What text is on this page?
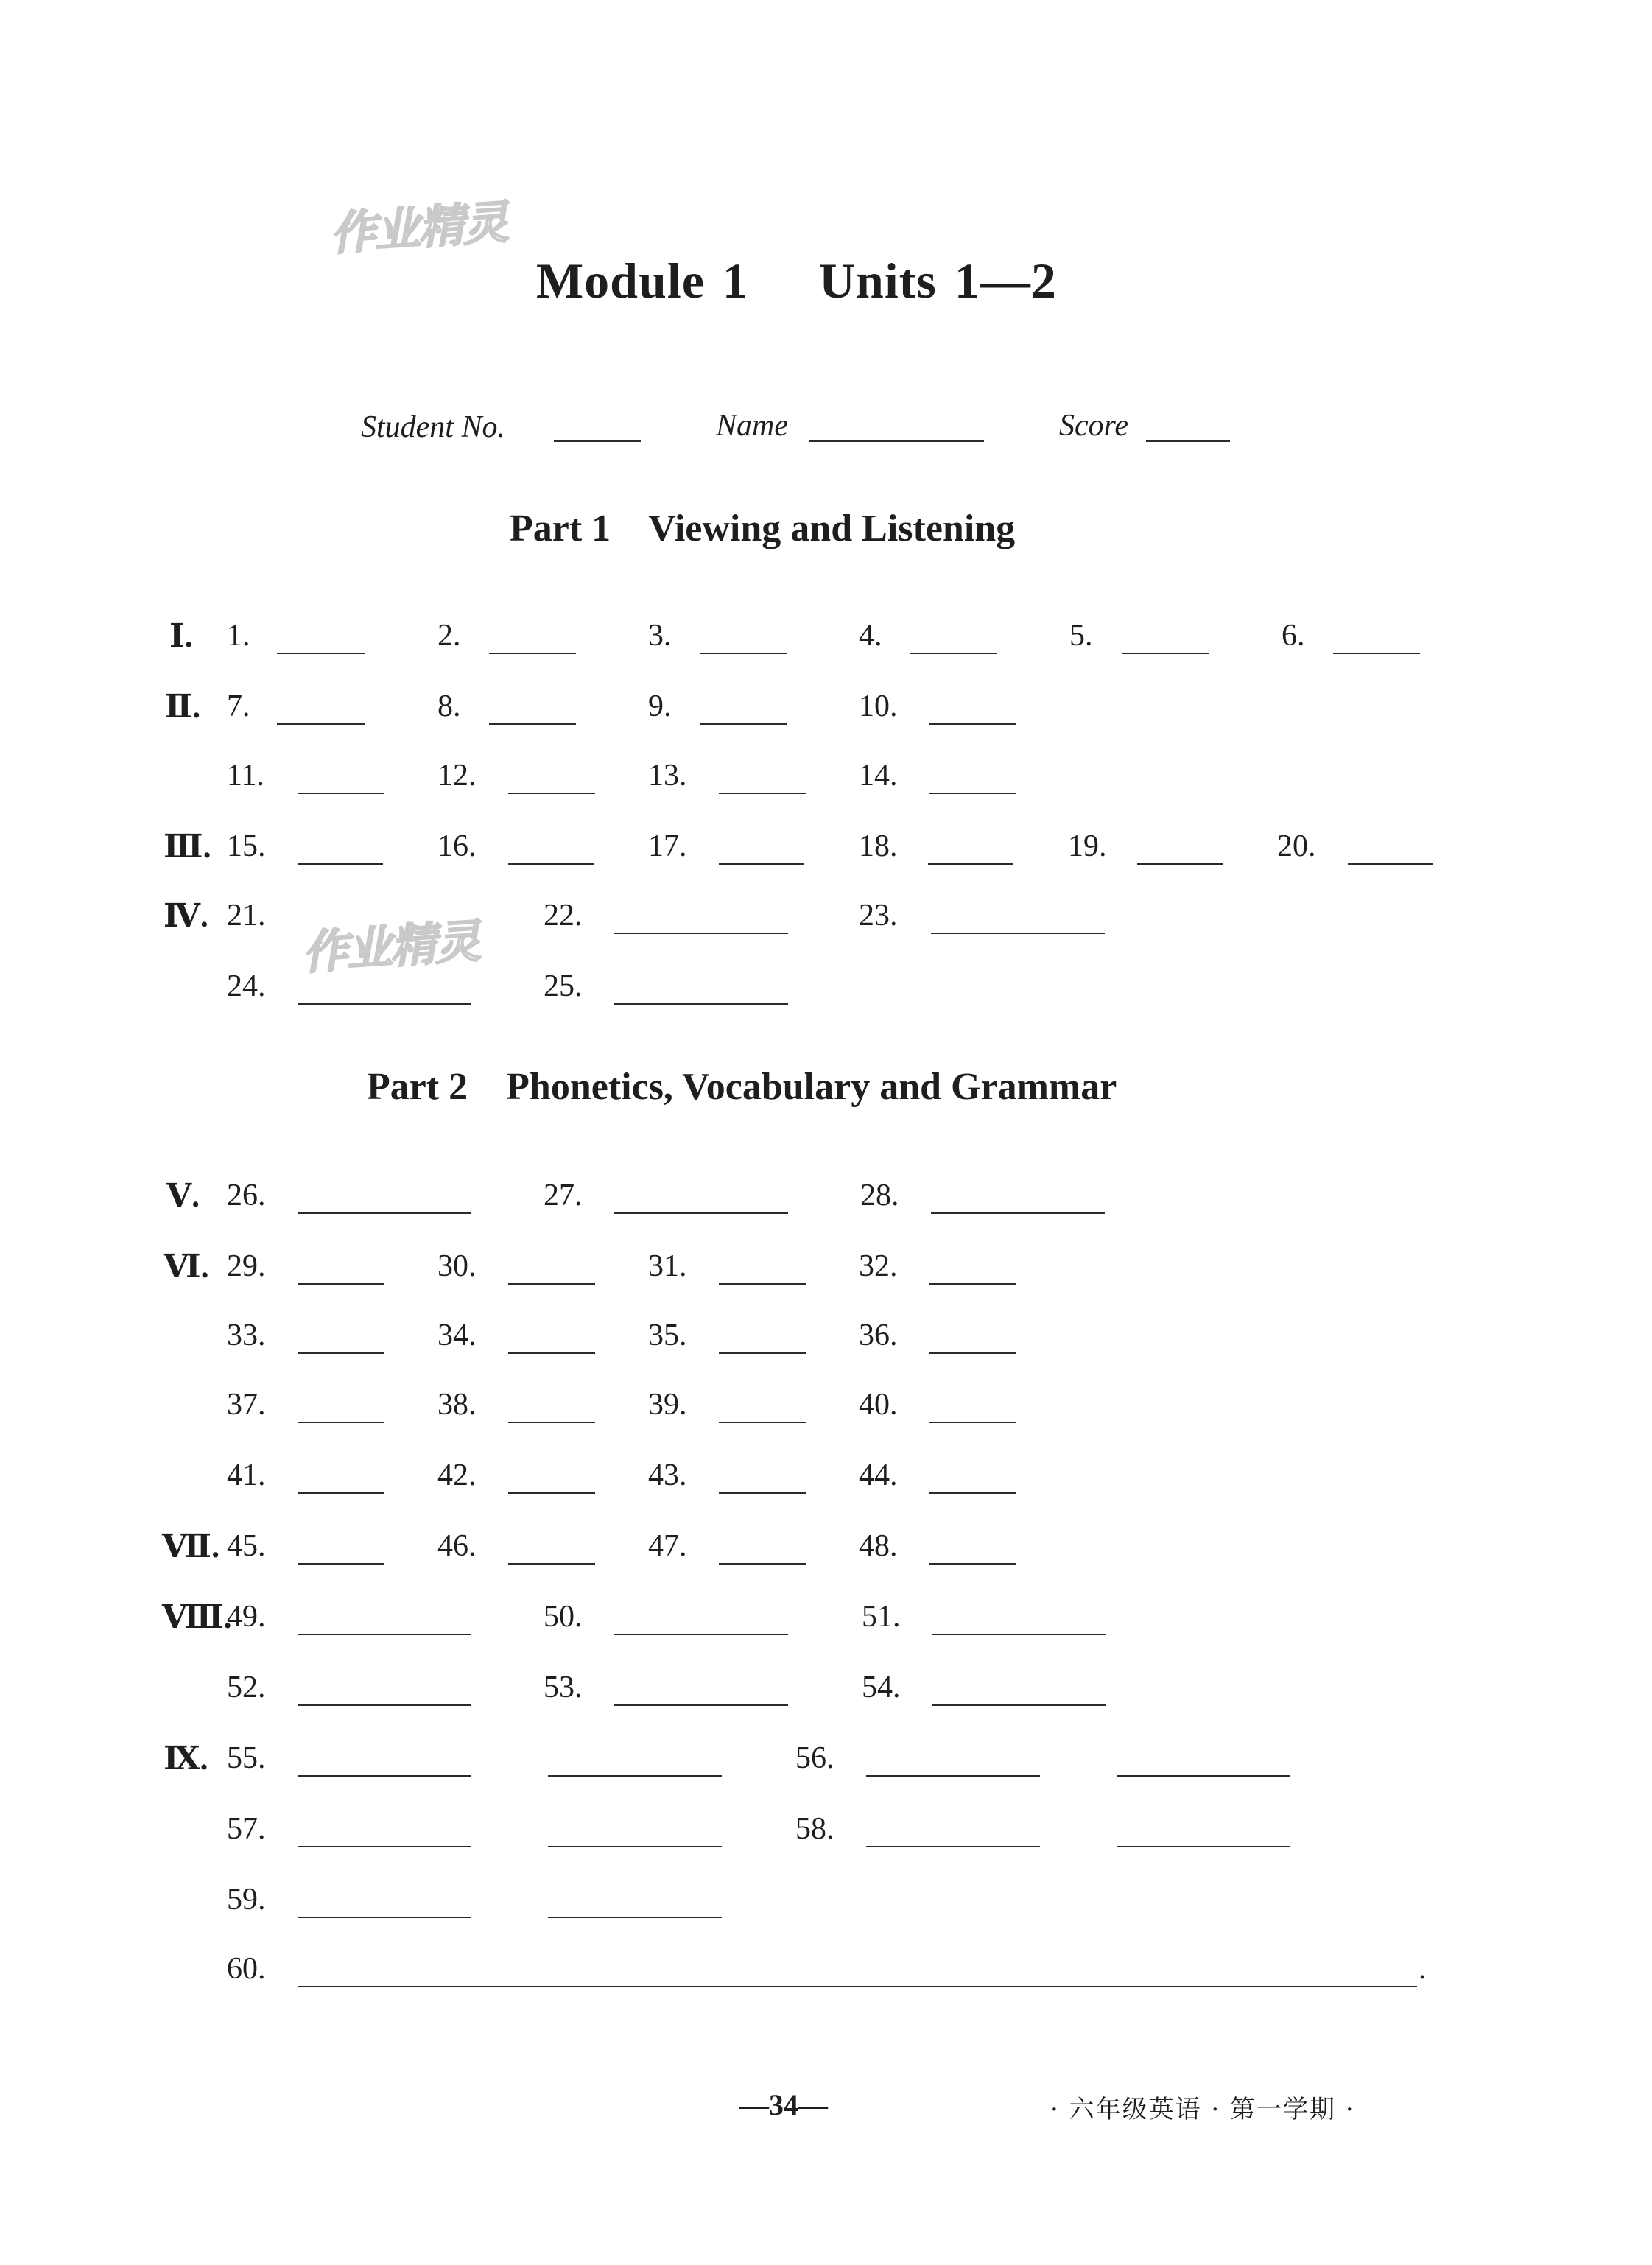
作业精灵
作业精灵
Module 1    Units 1—2
Student No.	Name	Score
Part 1    Viewing and Listening
Ⅰ. 1.	2.	3.	4.	5.	6.
Ⅱ. 7.	8.	9.	10.
11.	12.	13.	14.
Ⅲ. 15.	16.	17.	18.	19.	20.
Ⅳ. 21.	22.	23.
24.	25.
Part 2    Phonetics, Vocabulary and Grammar
Ⅴ. 26.	27.	28.
Ⅵ. 29.	30.	31.	32.
33.	34.	35.	36.
37.	38.	39.	40.
41.	42.	43.	44.
Ⅶ. 45.	46.	47.	48.
Ⅷ.
49.	50.	51.
52.	53.	54.
Ⅸ. 55.	56.
57.	58.
59.
60.	.
—34—	· 六年级英语 · 第一学期 ·
